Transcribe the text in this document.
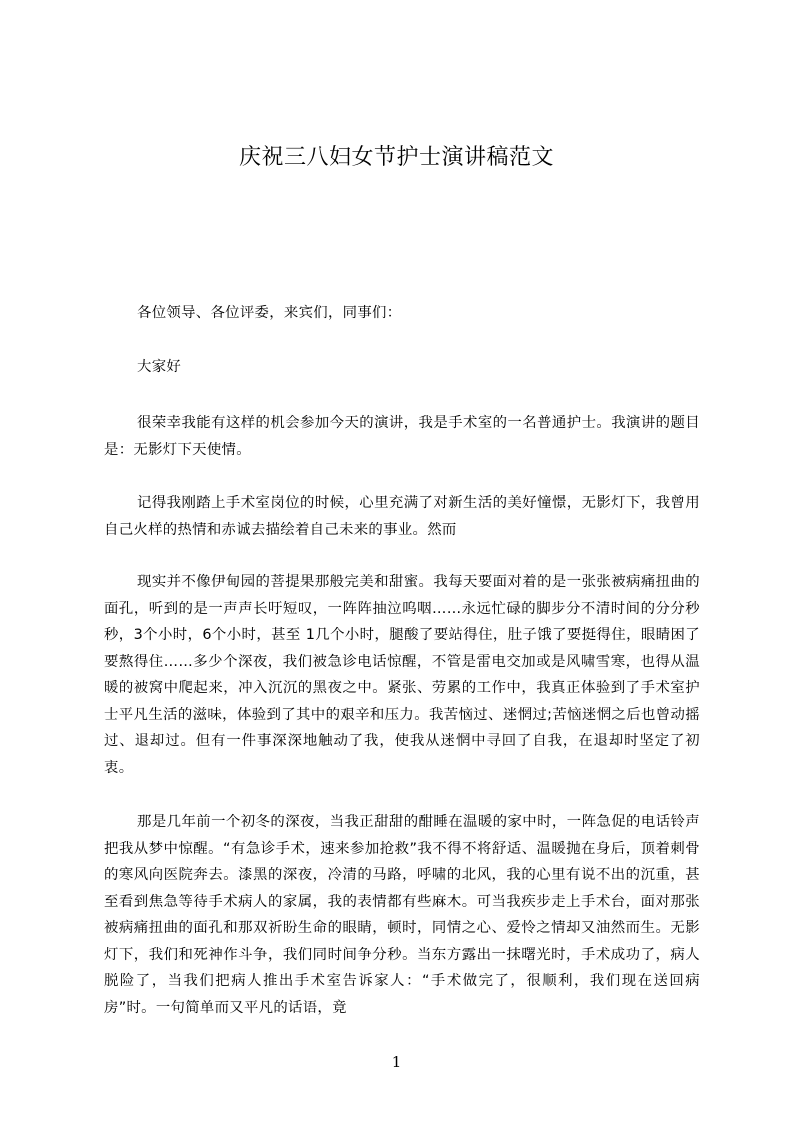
庆祝三八妇女节护士演讲稿范文

各位领导、各位评委，来宾们，同事们：

大家好

很荣幸我能有这样的机会参加今天的演讲，我是手术室的一名普通护士。我演讲的题目是：无影灯下天使情。

记得我刚踏上手术室岗位的时候，心里充满了对新生活的美好憧憬，无影灯下，我曾用自己火样的热情和赤诚去描绘着自己未来的事业。然而

现实并不像伊甸园的菩提果那般完美和甜蜜。我每天要面对着的是一张张被病痛扭曲的面孔，听到的是一声声长吁短叹，一阵阵抽泣呜咽……永远忙碌的脚步分不清时间的分分秒秒，3个小时，6个小时，甚至 1几个小时，腿酸了要站得住，肚子饿了要挺得住，眼睛困了要熬得住……多少个深夜，我们被急诊电话惊醒，不管是雷电交加或是风啸雪寒，也得从温暖的被窝中爬起来，冲入沉沉的黑夜之中。紧张、劳累的工作中，我真正体验到了手术室护士平凡生活的滋味，体验到了其中的艰辛和压力。我苦恼过、迷惘过;苦恼迷惘之后也曾动摇过、退却过。但有一件事深深地触动了我，使我从迷惘中寻回了自我，在退却时坚定了初衷。

那是几年前一个初冬的深夜，当我正甜甜的酣睡在温暖的家中时，一阵急促的电话铃声把我从梦中惊醒。“有急诊手术，速来参加抢救”我不得不将舒适、温暖抛在身后，顶着刺骨的寒风向医院奔去。漆黑的深夜，冷清的马路，呼啸的北风，我的心里有说不出的沉重，甚至看到焦急等待手术病人的家属，我的表情都有些麻木。可当我疾步走上手术台，面对那张被病痛扭曲的面孔和那双祈盼生命的眼睛，顿时，同情之心、爱怜之情却又油然而生。无影灯下，我们和死神作斗争，我们同时间争分秒。当东方露出一抹曙光时，手术成功了，病人脱险了，当我们把病人推出手术室告诉家人：“手术做完了，很顺利，我们现在送回病房”时。一句简单而又平凡的话语，竟

1
